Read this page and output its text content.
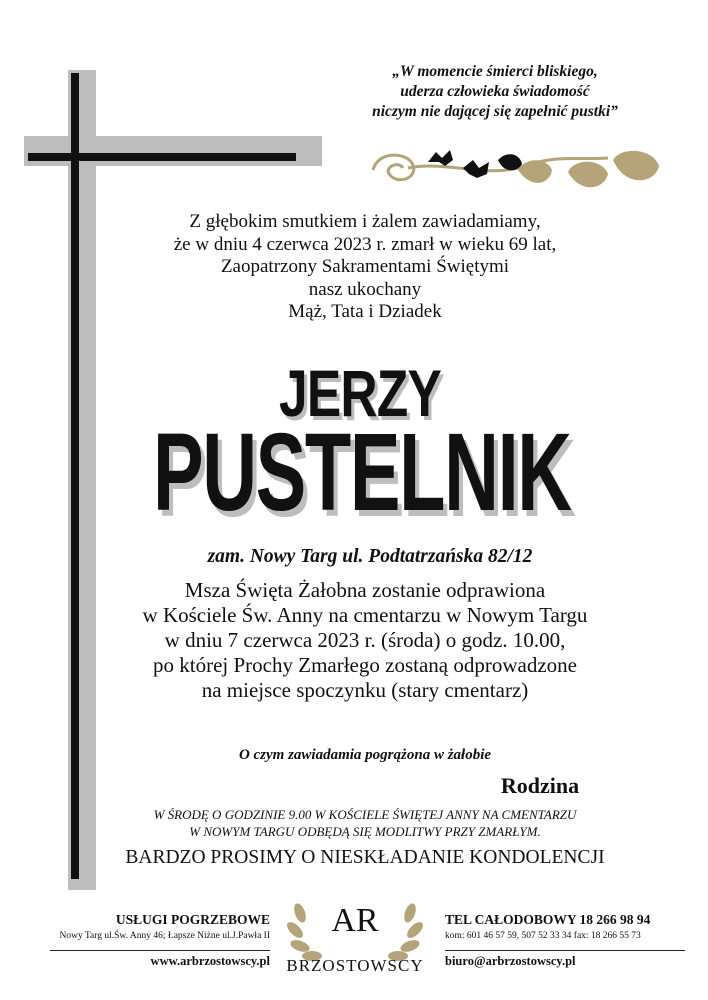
„W momencie śmierci bliskiego,
uderza człowieka świadomość
niczym nie dającej się zapełnić pustki”
Z głębokim smutkiem i żalem zawiadamiamy,
że w dniu 4 czerwca 2023 r. zmarł w wieku 69 lat,
Zaopatrzony Sakramentami Świętymi
nasz ukochany
Mąż, Tata i Dziadek
JERZY
PUSTELNIK
zam. Nowy Targ ul. Podtatrzańska 82/12
Msza Święta Żałobna zostanie odprawiona
w Kościele Św. Anny na cmentarzu w Nowym Targu
w dniu 7 czerwca 2023 r. (środa) o godz. 10.00,
po której Prochy Zmarłego zostaną odprowadzone
na miejsce spoczynku (stary cmentarz)
O czym zawiadamia pogrążona w żałobie
Rodzina
W ŚRODĘ O GODZINIE 9.00 W KOŚCIELE ŚWIĘTEJ ANNY NA CMENTARZU
W NOWYM TARGU ODBĘDĄ SIĘ MODLITWY PRZY ZMARŁYM.
BARDZO PROSIMY O NIESKŁADANIE KONDOLENCJI
USŁUGI POGRZEBOWE
Nowy Targ ul.Św. Anny 46; Łapsze Niżne ul.J.Pawła II
www.arbrzostowscy.pl
AR
BRZOSTOWSCY
TEL CAŁODOBOWY 18 266 98 94
kom: 601 46 57 59, 507 52 33 34 fax: 18 266 55 73
biuro@arbrzostowscy.pl
